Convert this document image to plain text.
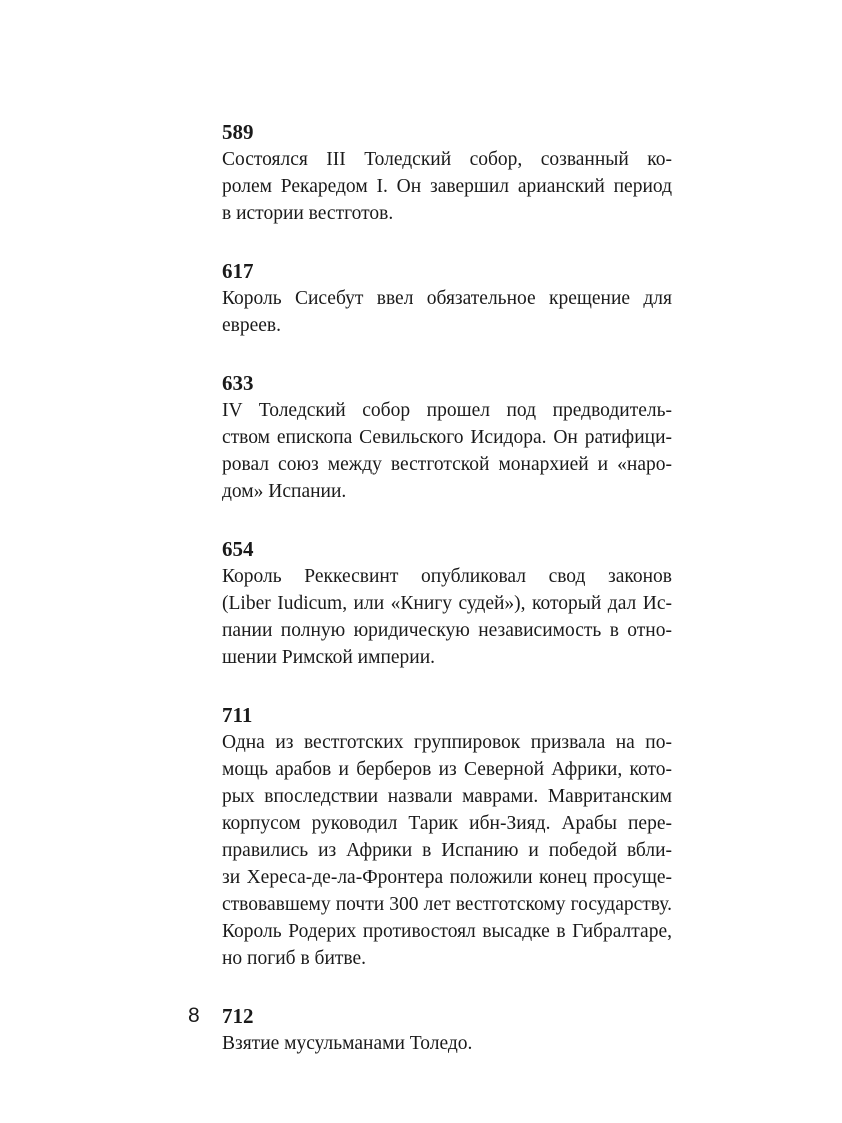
589

Состоялся III Толедский собор, созванный ко-
ролем Рекаредом I. Он завершил арианский период
в истории вестготов.

617

Король Сисебут ввел обязательное крещение для
евреев.

633

IV Толедский собор прошел под предводитель-
ством епископа Севильского Исидора. Он ратифици-
ровал союз между вестготской монархией и «наро-
дом» Испании.

654

Король Реккесвинт опубликовал свод законов
(Liber Iudicum, или «Книгу судей»), который дал Ис-
пании полную юридическую независимость в отно-
шении Римской империи.

711

Одна из вестготских группировок призвала на по-
мощь арабов и берберов из Северной Африки, кото-
рых впоследствии назвали маврами. Мавританским
корпусом руководил Тарик ибн-Зияд. Арабы пере-
правились из Африки в Испанию и победой вбли-
зи Хереса-де-ла-Фронтера положили конец просуще-
ствовавшему почти 300 лет вестготскому государству.
Король Родерих противостоял высадке в Гибралтаре,
но погиб в битве.

712

Взятие мусульманами Толедо.

8
